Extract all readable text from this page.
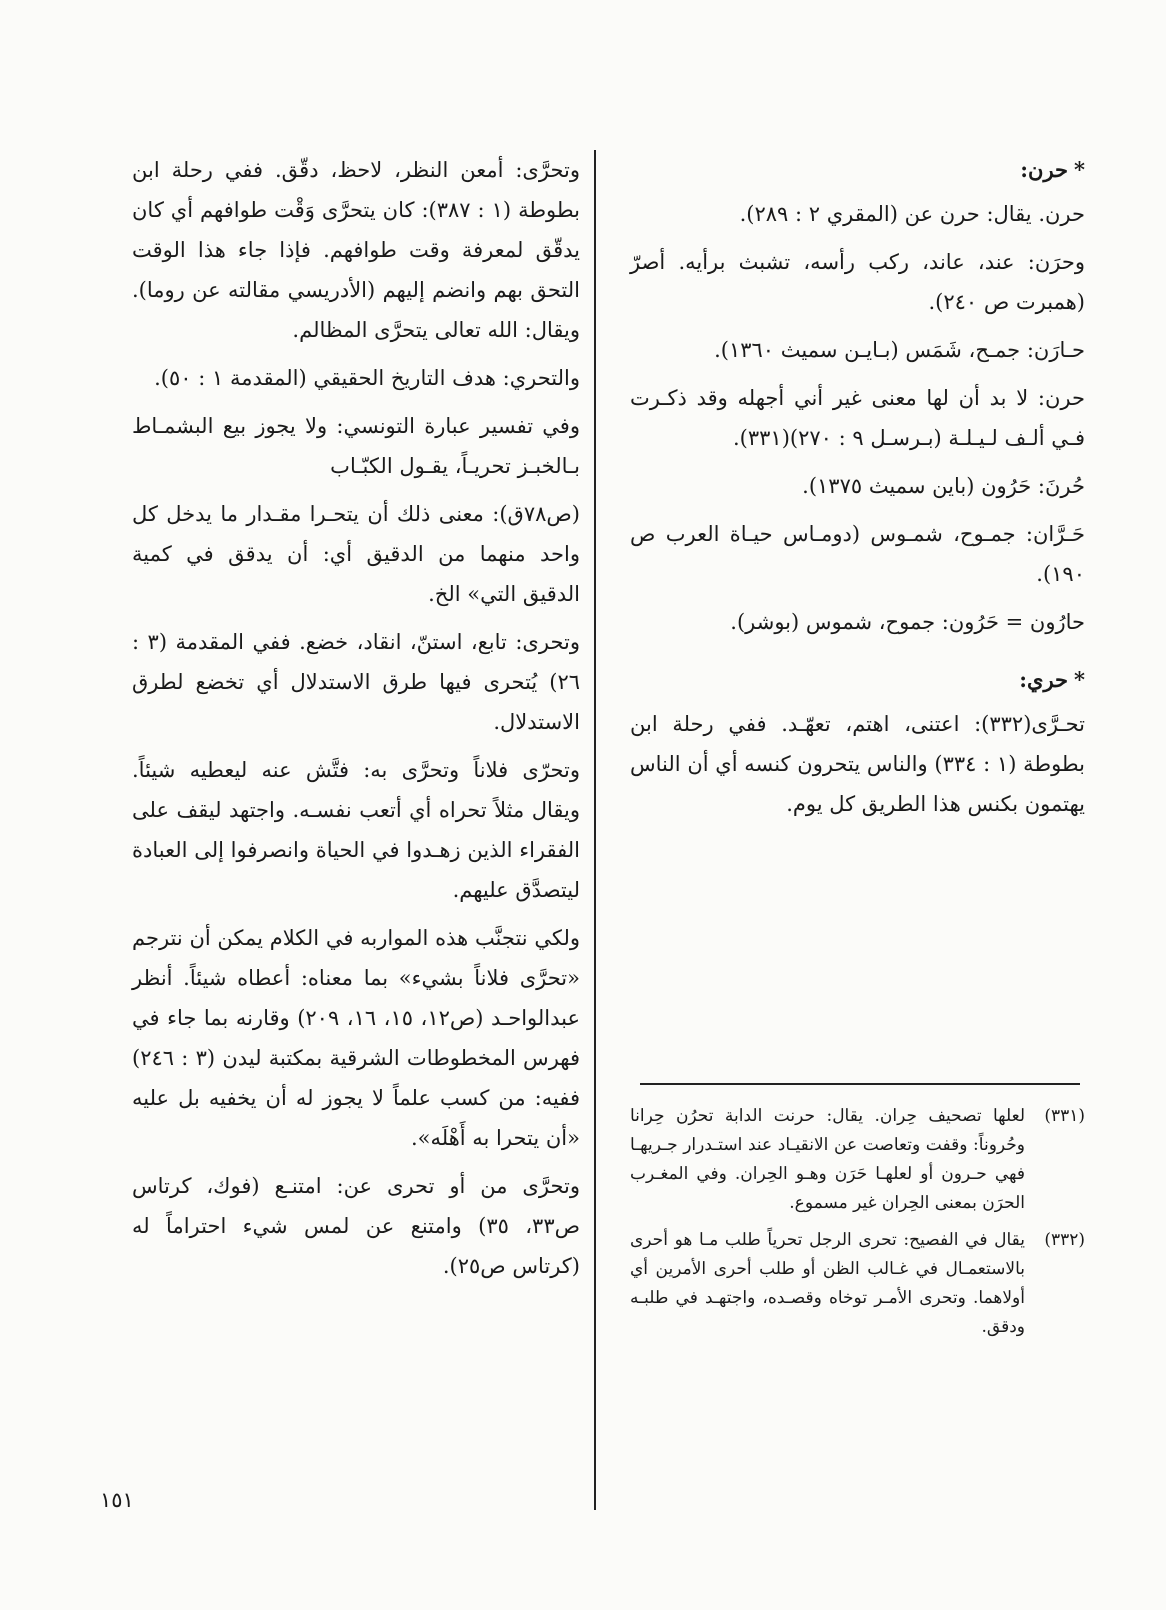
*حرن:

حرن. يقال: حرن عن (المقري ٢ : ٢٨٩).

وحرَن: عند، عاند، ركب رأسه، تشبث برأيه. أصرّ (همبرت ص ٢٤٠).

حـارَن: جمـح، شَمَس (بـايـن سميث ١٣٦٠).

حرن: لا بد أن لها معنى غير أني أجهله وقد ذكـرت فـي ألـف لـيـلـة (بـرسـل ٩ : ٢٧٠)(٣٣١).

حُرنَ: حَرُون (باين سميث ١٣٧٥).

حَـرَّان: جمـوح، شمـوس (دومـاس حيـاة العرب ص ١٩٠).

حارُون = حَرُون: جموح، شموس (بوشر).

*حري:

تحـرَّى(٣٣٢): اعتنى، اهتم، تعهّـد. ففي رحلة ابن بطوطة (١ : ٣٣٤) والناس يتحرون كنسه أي أن الناس يهتمون بكنس هذا الطريق كل يوم.

وتحرَّى: أمعن النظر، لاحظ، دقّق. ففي رحلة ابن بطوطة (١ : ٣٨٧): كان يتحرَّى وَقْت طوافهم أي كان يدقّق لمعرفة وقت طوافهم. فإذا جاء هذا الوقت التحق بهم وانضم إليهم (الأدريسي مقالته عن روما). ويقال: الله تعالى يتحرَّى المظالم.

والتحري: هدف التاريخ الحقيقي (المقدمة ١ : ٥٠).

وفي تفسير عبارة التونسي: ولا يجوز بيع البشمـاط بـالخبـز تحريـاً، يقـول الكبّـاب

(ص٧٨ق): معنى ذلك أن يتحـرا مقـدار ما يدخل كل واحد منهما من الدقيق أي: أن يدقق في كمية الدقيق التي» الخ.

وتحرى: تابع، استنّ، انقاد، خضع. ففي المقدمة (٣ : ٢٦) يُتحرى فيها طرق الاستدلال أي تخضع لطرق الاستدلال.

وتحرّى فلاناً وتحرَّى به: فتَّش عنه ليعطيه شيئاً. ويقال مثلاً تحراه أي أتعب نفسـه. واجتهد ليقف على الفقراء الذين زهـدوا في الحياة وانصرفوا إلى العبادة ليتصدَّق عليهم.

ولكي نتجنَّب هذه المواربه في الكلام يمكن أن نترجم «تحرَّى فلاناً بشيء» بما معناه: أعطاه شيئاً. أنظر عبدالواحـد (ص١٢، ١٥، ١٦، ٢٠٩) وقارنه بما جاء في فهرس المخطوطات الشرقية بمكتبة ليدن (٣ : ٢٤٦) ففيه: من كسب علماً لا يجوز له أن يخفيه بل عليه «أن يتحرا به أَهْلَه».

وتحرَّى من أو تحرى عن: امتنـع (فوك، كرتاس ص٣٣، ٣٥) وامتنع عن لمس شيء احتراماً له (كرتاس ص٢٥).

(٣٣١)
لعلها تصحيف حِران. يقال: حرنت الدابة تحرُن حِرانا وحُروناً: وقفت وتعاصت عن الانقيـاد عند استـدرار جـريهـا فهي حـرون أو لعلهـا حَرَن وهـو الحِران. وفي المغـرب الحرَن بمعنى الحِران غير مسموع.
(٣٣٢)
يقال في الفصيح: تحرى الرجل تحرياً طلب مـا هو أحرى بالاستعمـال في غـالب الظن أو طلب أحرى الأمرين أي أولاهما. وتحرى الأمـر توخاه وقصـده، واجتهـد في طلبـه ودقق.
١٥١
